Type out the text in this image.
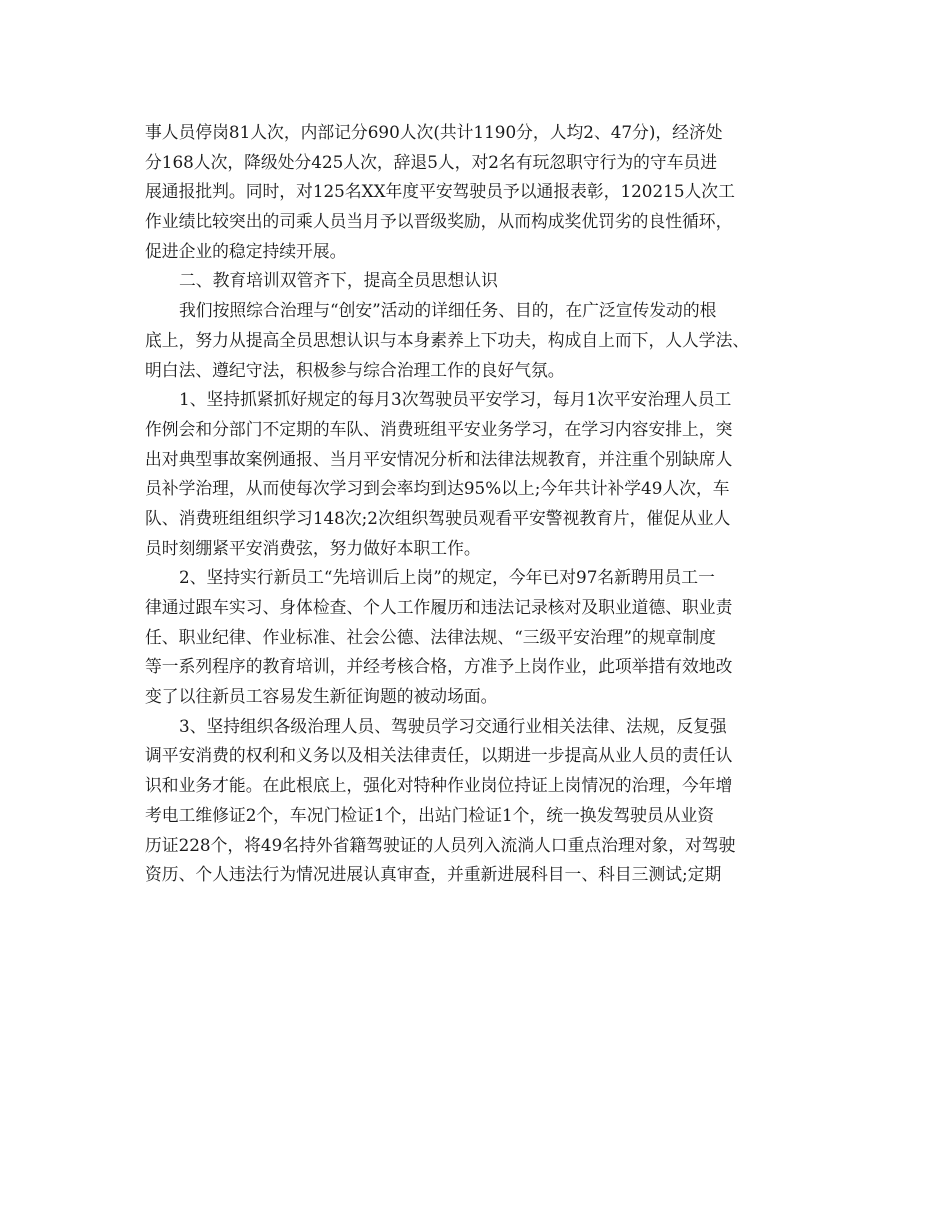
事人员停岗81人次，内部记分690人次(共计1190分，人均2、47分)，经济处
分168人次，降级处分425人次，辞退5人，对2名有玩忽职守行为的守车员进
展通报批判。同时，对125名XX年度平安驾驶员予以通报表彰，120215人次工
作业绩比较突出的司乘人员当月予以晋级奖励，从而构成奖优罚劣的良性循环，
促进企业的稳定持续开展。
二、教育培训双管齐下，提高全员思想认识
我们按照综合治理与“创安”活动的详细任务、目的，在广泛宣传发动的根
底上，努力从提高全员思想认识与本身素养上下功夫，构成自上而下，人人学法、
明白法、遵纪守法，积极参与综合治理工作的良好气氛。
1、坚持抓紧抓好规定的每月3次驾驶员平安学习，每月1次平安治理人员工
作例会和分部门不定期的车队、消费班组平安业务学习，在学习内容安排上，突
出对典型事故案例通报、当月平安情况分析和法律法规教育，并注重个别缺席人
员补学治理，从而使每次学习到会率均到达95%以上;今年共计补学49人次，车
队、消费班组组织学习148次;2次组织驾驶员观看平安警视教育片，催促从业人
员时刻绷紧平安消费弦，努力做好本职工作。
2、坚持实行新员工“先培训后上岗”的规定，今年已对97名新聘用员工一
律通过跟车实习、身体检查、个人工作履历和违法记录核对及职业道德、职业责
任、职业纪律、作业标准、社会公德、法律法规、“三级平安治理”的规章制度
等一系列程序的教育培训，并经考核合格，方准予上岗作业，此项举措有效地改
变了以往新员工容易发生新征询题的被动场面。
3、坚持组织各级治理人员、驾驶员学习交通行业相关法律、法规，反复强
调平安消费的权利和义务以及相关法律责任，以期进一步提高从业人员的责任认
识和业务才能。在此根底上，强化对特种作业岗位持证上岗情况的治理，今年增
考电工维修证2个，车况门检证1个，出站门检证1个，统一换发驾驶员从业资
历证228个，将49名持外省籍驾驶证的人员列入流淌人口重点治理对象，对驾驶
资历、个人违法行为情况进展认真审查，并重新进展科目一、科目三测试;定期
